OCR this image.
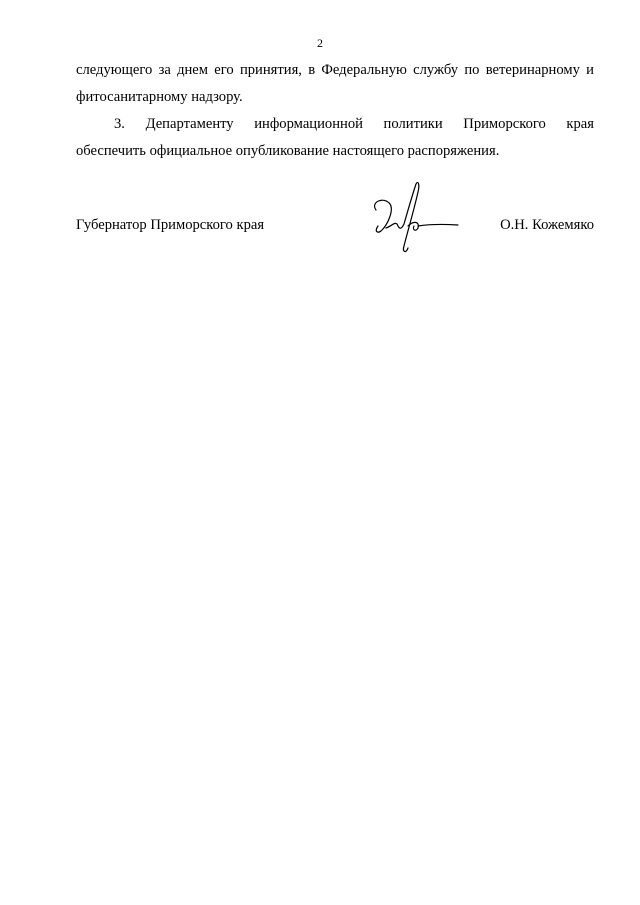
2
следующего за днем его принятия, в Федеральную службу по ветеринарному и
фитосанитарному надзору.
3. Департаменту информационной политики Приморского края
обеспечить официальное опубликование настоящего распоряжения.
Губернатор Приморского края	О.Н. Кожемяко
